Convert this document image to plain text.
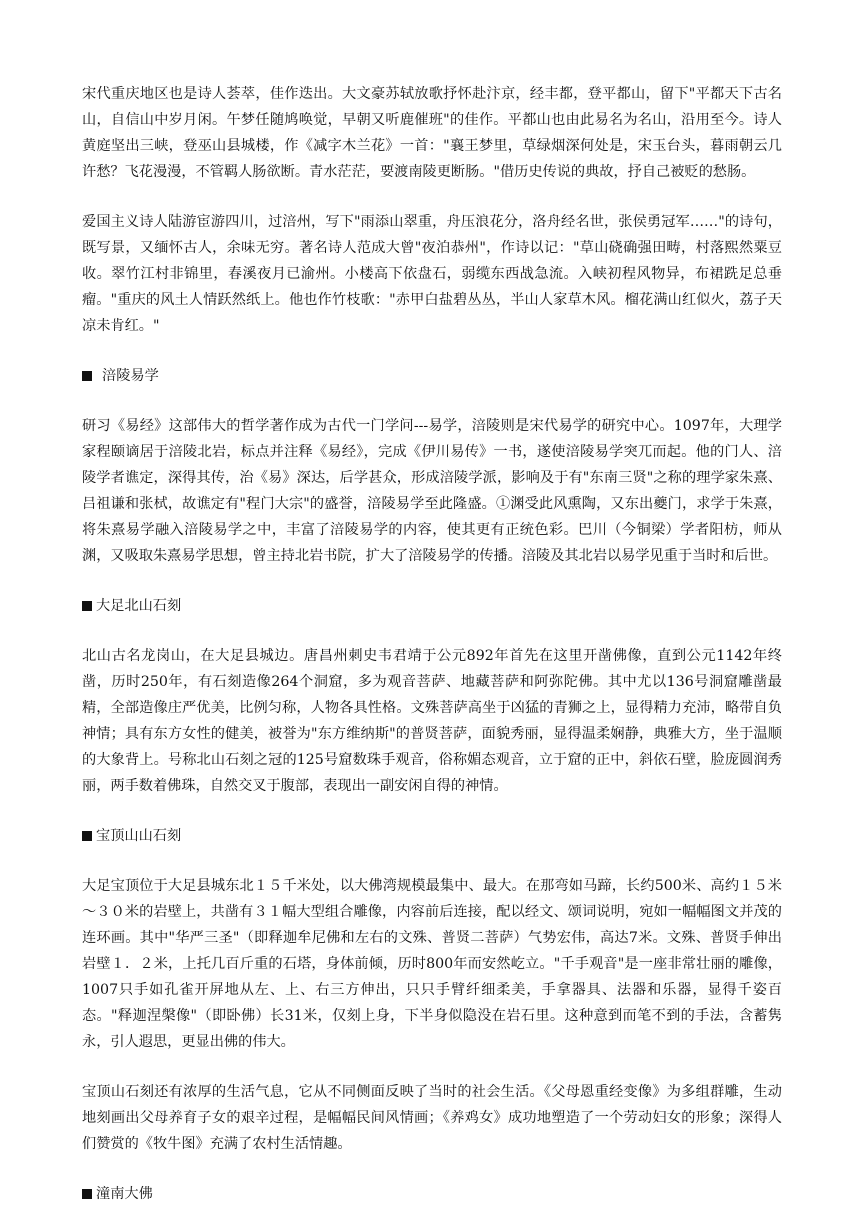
宋代重庆地区也是诗人荟萃，佳作迭出。大文豪苏轼放歌抒怀赴汴京，经丰都，登平都山，留下"平都天下古名山，自信山中岁月闲。午梦任随鸠唤觉，早朝又听鹿催班"的佳作。平都山也由此易名为名山，沿用至今。诗人黄庭坚出三峡，登巫山县城楼，作《减字木兰花》一首："襄王梦里，草绿烟深何处是，宋玉台头，暮雨朝云几许愁？飞花漫漫，不管羁人肠欲断。青水茫茫，要渡南陵更断肠。"借历史传说的典故，抒自己被贬的愁肠。

爱国主义诗人陆游宦游四川，过涪州，写下"雨添山翠重，舟压浪花分，洛舟经名世，张侯勇冠军……"的诗句，既写景，又缅怀古人，余味无穷。著名诗人范成大曾"夜泊恭州"，作诗以记："草山硗确强田畴，村落熙然粟豆收。翠竹江村非锦里，春溪夜月已渝州。小楼高下依盘石，弱缆东西战急流。入峡初程风物异，布裙跣足总垂瘤。"重庆的风土人情跃然纸上。他也作竹枝歌："赤甲白盐碧丛丛，半山人家草木风。榴花满山红似火，荔子天凉未肯红。"

涪陵易学

研习《易经》这部伟大的哲学著作成为古代一门学问---易学，涪陵则是宋代易学的研究中心。1097年，大理学家程颐谪居于涪陵北岩，标点并注释《易经》，完成《伊川易传》一书，遂使涪陵易学突兀而起。他的门人、涪陵学者谯定，深得其传，治《易》深达，后学甚众，形成涪陵学派，影响及于有"东南三贤"之称的理学家朱熹、吕祖谦和张栻，故谯定有"程门大宗"的盛誉，涪陵易学至此隆盛。①渊受此风熏陶，又东出夔门，求学于朱熹，将朱熹易学融入涪陵易学之中，丰富了涪陵易学的内容，使其更有正统色彩。巴川（今铜梁）学者阳枋，师从渊，又吸取朱熹易学思想，曾主持北岩书院，扩大了涪陵易学的传播。涪陵及其北岩以易学见重于当时和后世。

大足北山石刻

北山古名龙岗山，在大足县城边。唐昌州刺史韦君靖于公元892年首先在这里开凿佛像，直到公元1142年终凿，历时250年，有石刻造像264个洞窟，多为观音菩萨、地藏菩萨和阿弥陀佛。其中尤以136号洞窟雕凿最精，全部造像庄严优美，比例匀称，人物各具性格。文殊菩萨高坐于凶猛的青狮之上，显得精力充沛，略带自负神情；具有东方女性的健美，被誉为"东方维纳斯"的普贤菩萨，面貌秀丽，显得温柔娴静，典雅大方，坐于温顺的大象背上。号称北山石刻之冠的125号窟数珠手观音，俗称媚态观音，立于窟的正中，斜依石壁，脸庞圆润秀丽，两手数着佛珠，自然交叉于腹部，表现出一副安闲自得的神情。

宝顶山山石刻

大足宝顶位于大足县城东北１５千米处，以大佛湾规模最集中、最大。在那弯如马蹄，长约500米、高约１５米～３０米的岩壁上，共凿有３１幅大型组合雕像，内容前后连接，配以经文、颂词说明，宛如一幅幅图文并茂的连环画。其中"华严三圣"（即释迦牟尼佛和左右的文殊、普贤二菩萨）气势宏伟，高达7米。文殊、普贤手伸出岩壁１．２米，上托几百斤重的石塔，身体前倾，历时800年而安然屹立。"千手观音"是一座非常壮丽的雕像，1007只手如孔雀开屏地从左、上、右三方伸出，只只手臂纤细柔美，手拿器具、法器和乐器，显得千姿百态。"释迦涅槃像"（即卧佛）长31米，仅刻上身，下半身似隐没在岩石里。这种意到而笔不到的手法，含蓄隽永，引人遐思，更显出佛的伟大。

宝顶山石刻还有浓厚的生活气息，它从不同侧面反映了当时的社会生活。《父母恩重经变像》为多组群雕，生动地刻画出父母养育子女的艰辛过程，是幅幅民间风情画；《养鸡女》成功地塑造了一个劳动妇女的形象；深得人们赞赏的《牧牛图》充满了农村生活情趣。

潼南大佛
